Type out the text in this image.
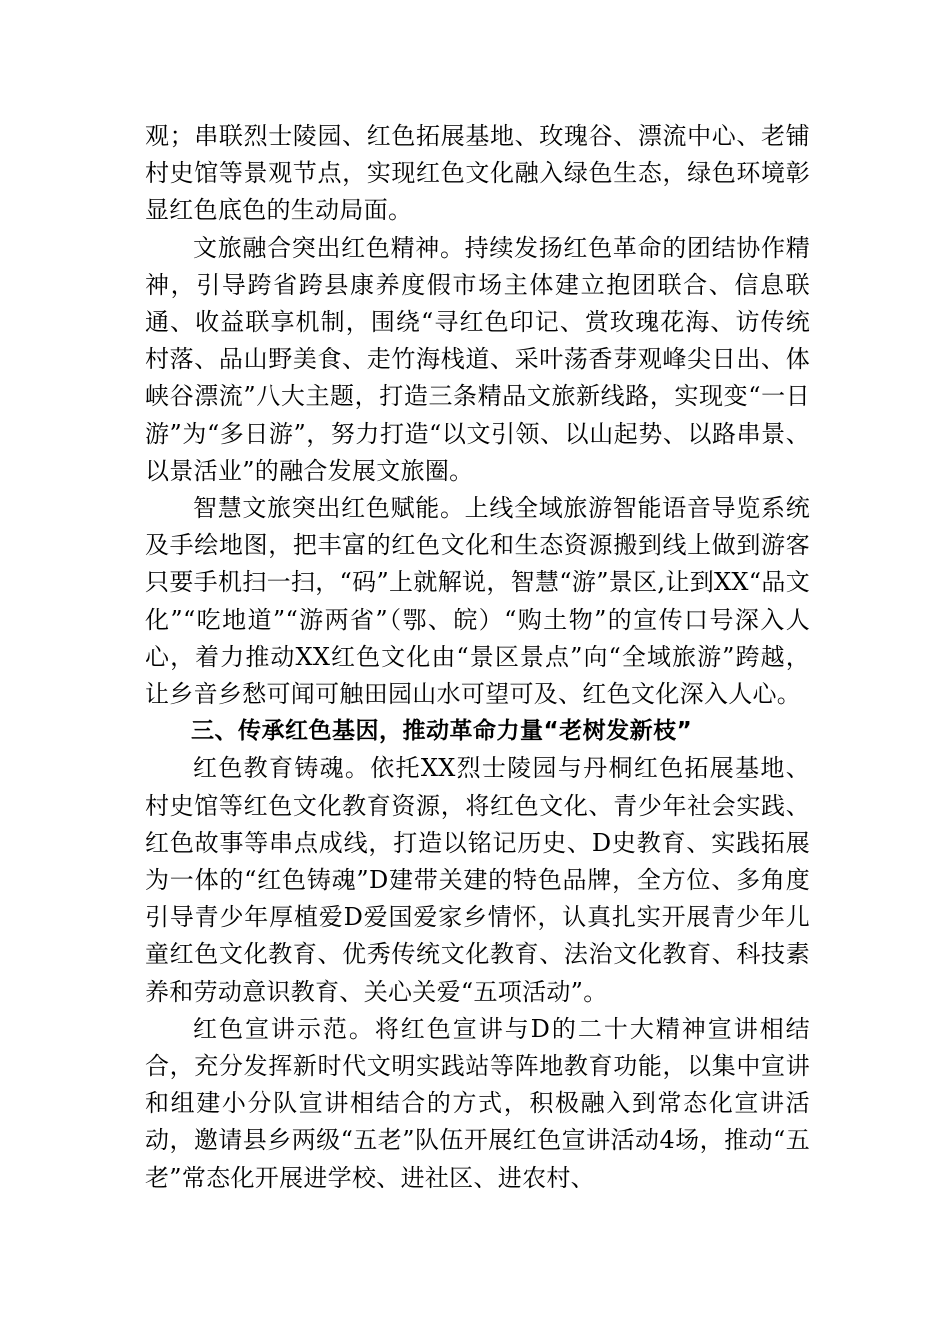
观；串联烈士陵园、红色拓展基地、玫瑰谷、漂流中心、老铺村史馆等景观节点，实现红色文化融入绿色生态，绿色环境彰显红色底色的生动局面。

文旅融合突出红色精神。持续发扬红色革命的团结协作精神，引导跨省跨县康养度假市场主体建立抱团联合、信息联通、收益联享机制，围绕“寻红色印记、赏玫瑰花海、访传统村落、品山野美食、走竹海栈道、采叶荡香芽观峰尖日出、体峡谷漂流”八大主题，打造三条精品文旅新线路，实现变“一日游”为“多日游”，努力打造“以文引领、以山起势、以路串景、以景活业”的融合发展文旅圈。

智慧文旅突出红色赋能。上线全域旅游智能语音导览系统及手绘地图，把丰富的红色文化和生态资源搬到线上做到游客只要手机扫一扫，“码”上就解说，智慧“游”景区,让到XX“品文化”“吃地道”“游两省”（鄂、皖）“购土物”的宣传口号深入人心，着力推动XX红色文化由“景区景点”向“全域旅游”跨越，让乡音乡愁可闻可触田园山水可望可及、红色文化深入人心。

三、传承红色基因，推动革命力量“老树发新枝”

红色教育铸魂。依托XX烈士陵园与丹桐红色拓展基地、村史馆等红色文化教育资源，将红色文化、青少年社会实践、红色故事等串点成线，打造以铭记历史、D史教育、实践拓展为一体的“红色铸魂”D建带关建的特色品牌，全方位、多角度引导青少年厚植爱D爱国爱家乡情怀，认真扎实开展青少年儿童红色文化教育、优秀传统文化教育、法治文化教育、科技素养和劳动意识教育、关心关爱“五项活动”。

红色宣讲示范。将红色宣讲与D的二十大精神宣讲相结合，充分发挥新时代文明实践站等阵地教育功能，以集中宣讲和组建小分队宣讲相结合的方式，积极融入到常态化宣讲活动，邀请县乡两级“五老”队伍开展红色宣讲活动4场，推动“五老”常态化开展进学校、进社区、进农村、
